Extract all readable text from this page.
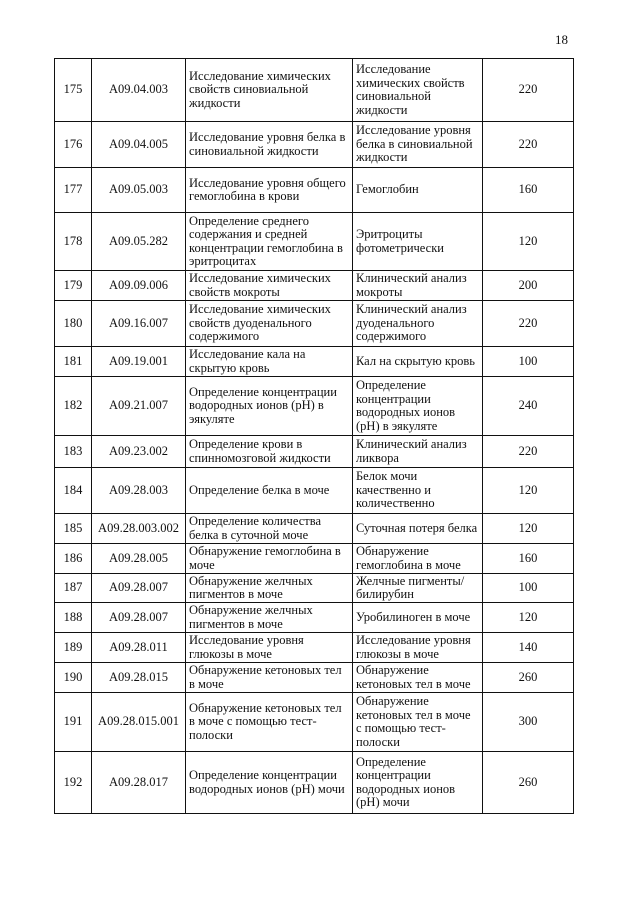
18
175	А09.04.003	Исследование химических свойств синовиальной жидкости	Исследование химических свойств синовиальной жидкости	220
176	А09.04.005	Исследование уровня белка в синовиальной жидкости	Исследование уровня белка в синовиальной жидкости	220
177	А09.05.003	Исследование уровня общего гемоглобина в крови	Гемоглобин	160
178	А09.05.282	Определение среднего содержания и средней концентрации гемоглобина в эритроцитах	Эритроциты фотометрически	120
179	А09.09.006	Исследование химических свойств мокроты	Клинический анализ мокроты	200
180	А09.16.007	Исследование химических свойств дуоденального содержимого	Клинический анализ дуоденального содержимого	220
181	А09.19.001	Исследование кала на скрытую кровь	Кал на скрытую кровь	100
182	А09.21.007	Определение концентрации водородных ионов (рН) в эякуляте	Определение концентрации водородных ионов (рН) в эякуляте	240
183	А09.23.002	Определение крови в спинномозговой жидкости	Клинический анализ ликвора	220
184	А09.28.003	Определение белка в моче	Белок мочи качественно и количественно	120
185	А09.28.003.002	Определение количества белка в суточной моче	Суточная потеря белка	120
186	А09.28.005	Обнаружение гемоглобина в моче	Обнаружение гемоглобина в моче	160
187	А09.28.007	Обнаружение желчных пигментов в моче	Желчные пигменты/билирубин	100
188	А09.28.007	Обнаружение желчных пигментов в моче	Уробилиноген в моче	120
189	А09.28.011	Исследование уровня глюкозы в моче	Исследование уровня глюкозы в моче	140
190	А09.28.015	Обнаружение кетоновых тел в моче	Обнаружение кетоновых тел в моче	260
191	А09.28.015.001	Обнаружение кетоновых тел в моче с помощью тест-полоски	Обнаружение кетоновых тел в моче с помощью тест-полоски	300
192	А09.28.017	Определение концентрации водородных ионов (рН) мочи	Определение концентрации водородных ионов (рН) мочи	260
